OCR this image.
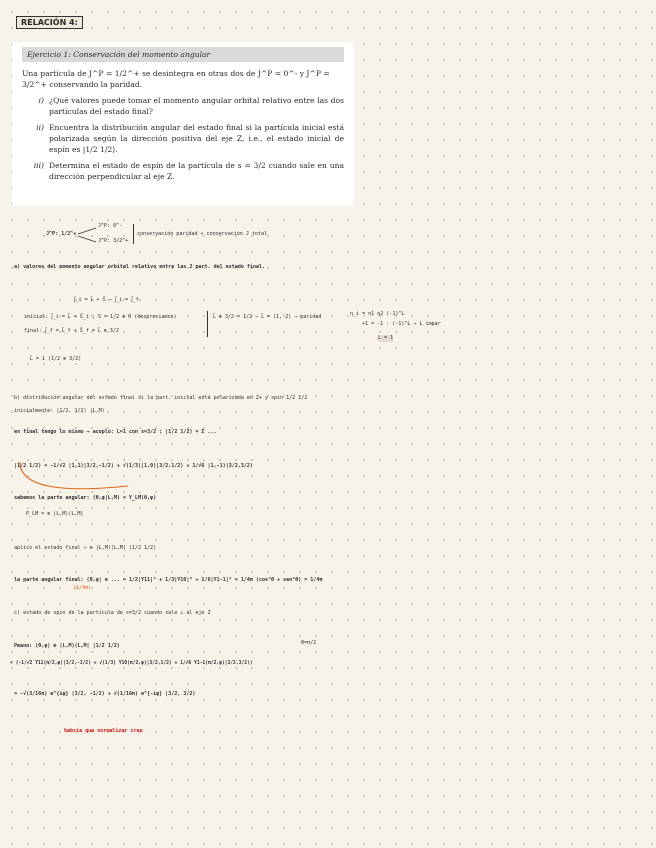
RELACIÓN 4:
Ejercicio 1: Conservación del momento angular

Una partícula de J^P = 1/2^+ se desintegra en otras dos de J^P = 0^- y J^P = 3/2^+ conservando la paridad.

i) ¿Qué valores puede tomar el momento angular orbital relativo entre las dos partículas del estado final?
ii) Encuentra la distribución angular del estado final si la partícula inicial está polarizada según la dirección positiva del eje Z, i.e., el estado inicial de espín es |1/2 1/2⟩.
iii) Determina el estado de espín de la partícula de s = 3/2 cuando sale en una dirección perpendicular al eje Z.
J^P: 1/2^+
J^P: 0^-
J^P: 3/2^+
conservación paridad + conservación J total
a) valores del momento angular orbital relativo entre las 2 part. del estado final.
J⃗_i = L⃗ + S⃗ → J⃗_i = J⃗_f
inicial: J⃗_i = L⃗ + S⃗_i ; S = 1/2 ⊗ 0 (despreciamos)
final: J⃗_f = L⃗_f + S⃗_f = L⃗ ⊗ 3/2
L⃗ ⊗ 3/2 = 1/2 → L⃗ = (1, 2) → paridad	η_i = η1 η2 (-1)^L
+1 = -1 · (-1)^L → L impar
L = 1
L⃗ = 1 (1/2 ⊗ 3/2)
b) distribución angular del estado final si la part. inicial está polarizada en Z+ y spin 1/2 1/2
inicialmente: |1/2, 1/2⟩ |L,M⟩
en final tengo lo mismo → acoplo: L=1 con s=3/2 ; |1/2 1/2⟩ = Σ ...
|1/2 1/2⟩ = -1/√2 |1,1⟩|3/2,-1/2⟩ + √(1/3)|1,0⟩|3/2,1/2⟩ + 1/√6 |1,-1⟩|3/2,3/2⟩
sabemos la parte angular: ⟨θ,φ|L,M⟩ = Y_LM(θ,φ)
P_LM = ⊗ |L,M⟩⟨L,M|
aplico el estado final → ⊗ |L,M⟩⟨L,M| |1/2 1/2⟩
la parte angular final: ⟨θ,φ| ⊗ ... = 1/2|Y11|² + 1/3|Y10|² + 1/6|Y1-1|² = 1/4π (cos²θ + sen²θ) = 1/4π
(1/4π)
c) estado de spin de la partícula de s=3/2 cuando sale ⊥ al eje Z
θ=π/2
Pmano: ⟨θ,φ| ⊗ |L,M⟩⟨L,M| |1/2 1/2⟩
= (-1/√2 Y11(π/2,φ)|3/2,-1/2⟩ + √(1/3) Y10(π/2,φ)|3/2,1/2⟩ + 1/√6 Y1-1(π/2,φ)|3/2,3/2⟩)
= -√(3/16π) e^{iφ} |3/2, -1/2⟩ + √(1/16π) e^{-iφ} |3/2, 3/2⟩
habría que normalizar creo
